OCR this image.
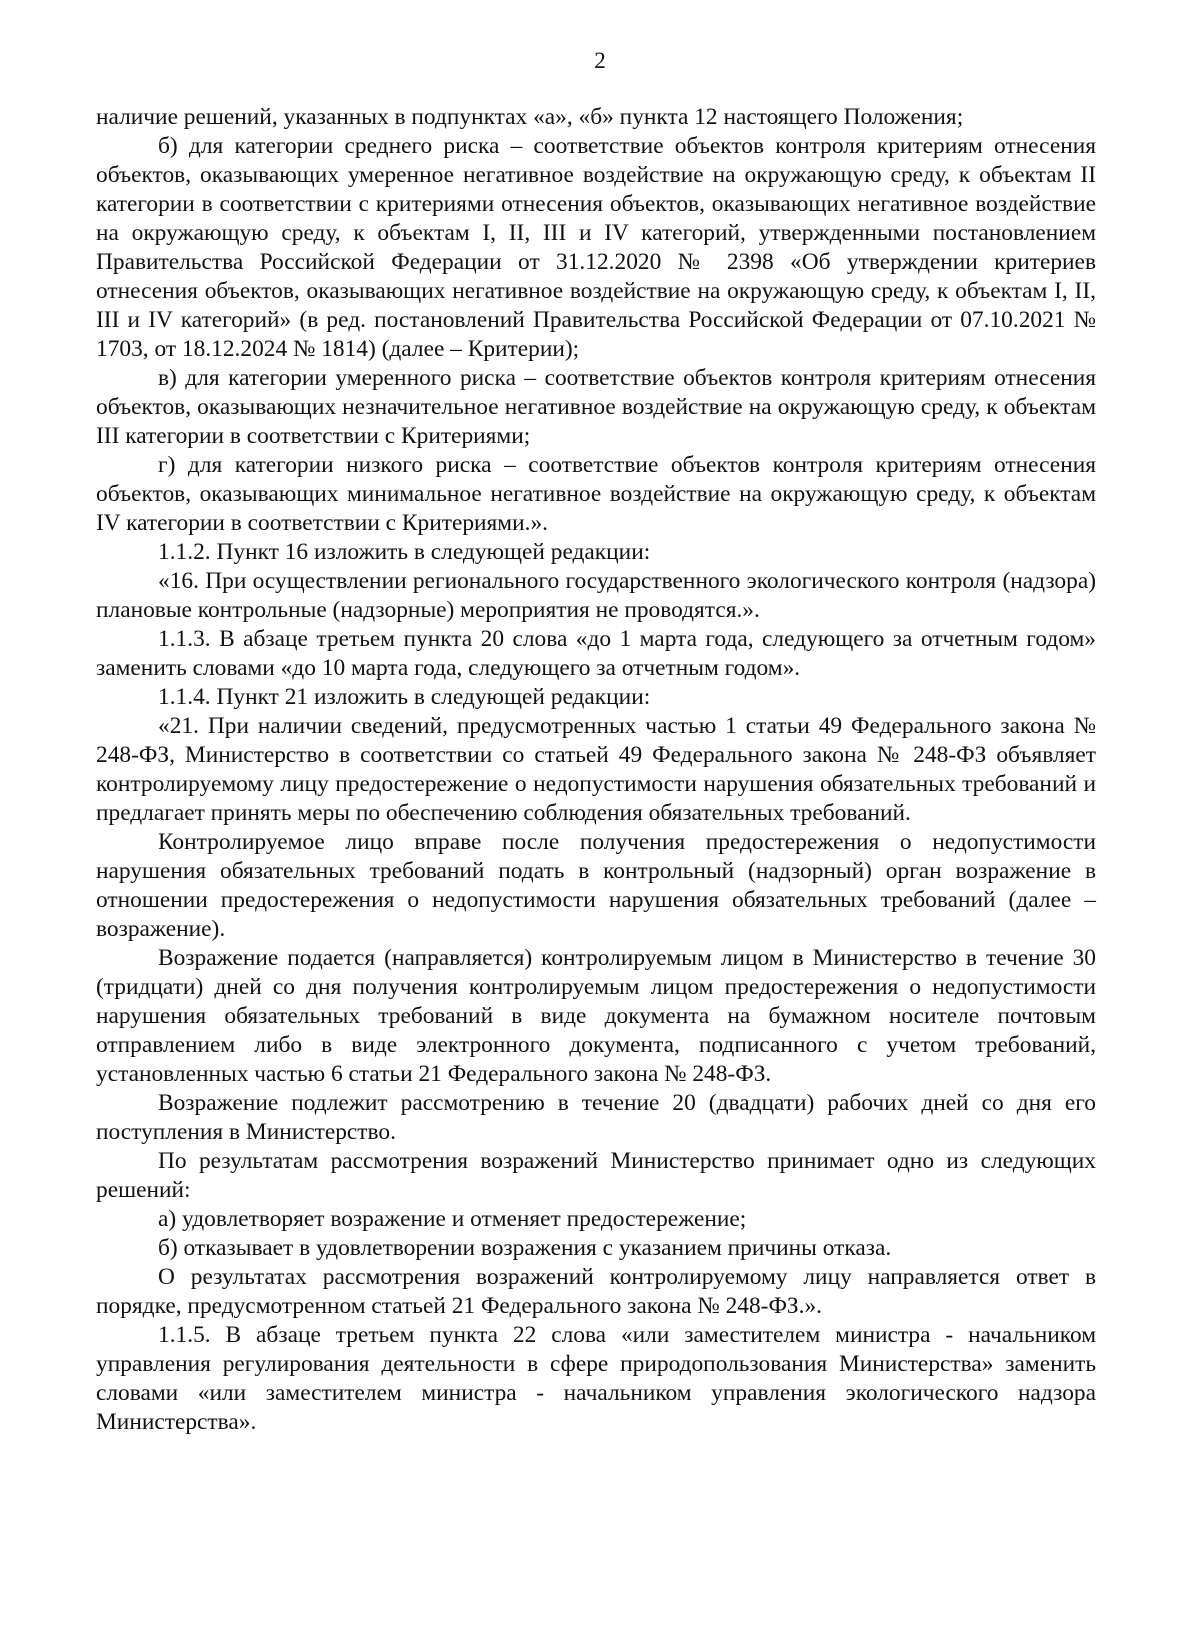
2

наличие решений, указанных в подпунктах «а», «б» пункта 12 настоящего Положения;

б) для категории среднего риска – соответствие объектов контроля критериям отнесения объектов, оказывающих умеренное негативное воздействие на окружающую среду, к объектам II категории в соответствии с критериями отнесения объектов, оказывающих негативное воздействие на окружающую среду, к объектам I, II, III и IV категорий, утвержденными постановлением Правительства Российской Федерации от 31.12.2020 № 2398 «Об утверждении критериев отнесения объектов, оказывающих негативное воздействие на окружающую среду, к объектам I, II, III и IV категорий» (в ред. постановлений Правительства Российской Федерации от 07.10.2021 № 1703, от 18.12.2024 № 1814) (далее – Критерии);

в) для категории умеренного риска – соответствие объектов контроля критериям отнесения объектов, оказывающих незначительное негативное воздействие на окружающую среду, к объектам III категории в соответствии с Критериями;

г) для категории низкого риска – соответствие объектов контроля критериям отнесения объектов, оказывающих минимальное негативное воздействие на окружающую среду, к объектам IV категории в соответствии с Критериями.».

1.1.2. Пункт 16 изложить в следующей редакции:

«16. При осуществлении регионального государственного экологического контроля (надзора) плановые контрольные (надзорные) мероприятия не проводятся.».

1.1.3. В абзаце третьем пункта 20 слова «до 1 марта года, следующего за отчетным годом» заменить словами «до 10 марта года, следующего за отчетным годом».

1.1.4. Пункт 21 изложить в следующей редакции:

«21. При наличии сведений, предусмотренных частью 1 статьи 49 Федерального закона № 248-ФЗ, Министерство в соответствии со статьей 49 Федерального закона № 248-ФЗ объявляет контролируемому лицу предостережение о недопустимости нарушения обязательных требований и предлагает принять меры по обеспечению соблюдения обязательных требований.

Контролируемое лицо вправе после получения предостережения о недопустимости нарушения обязательных требований подать в контрольный (надзорный) орган возражение в отношении предостережения о недопустимости нарушения обязательных требований (далее – возражение).

Возражение подается (направляется) контролируемым лицом в Министерство в течение 30 (тридцати) дней со дня получения контролируемым лицом предостережения о недопустимости нарушения обязательных требований в виде документа на бумажном носителе почтовым отправлением либо в виде электронного документа, подписанного с учетом требований, установленных частью 6 статьи 21 Федерального закона № 248-ФЗ.

Возражение подлежит рассмотрению в течение 20 (двадцати) рабочих дней со дня его поступления в Министерство.

По результатам рассмотрения возражений Министерство принимает одно из следующих решений:

а) удовлетворяет возражение и отменяет предостережение;

б) отказывает в удовлетворении возражения с указанием причины отказа.

О результатах рассмотрения возражений контролируемому лицу направляется ответ в порядке, предусмотренном статьей 21 Федерального закона № 248-ФЗ.».

1.1.5. В абзаце третьем пункта 22 слова «или заместителем министра - начальником управления регулирования деятельности в сфере природопользования Министерства» заменить словами «или заместителем министра - начальником управления экологического надзора Министерства».
